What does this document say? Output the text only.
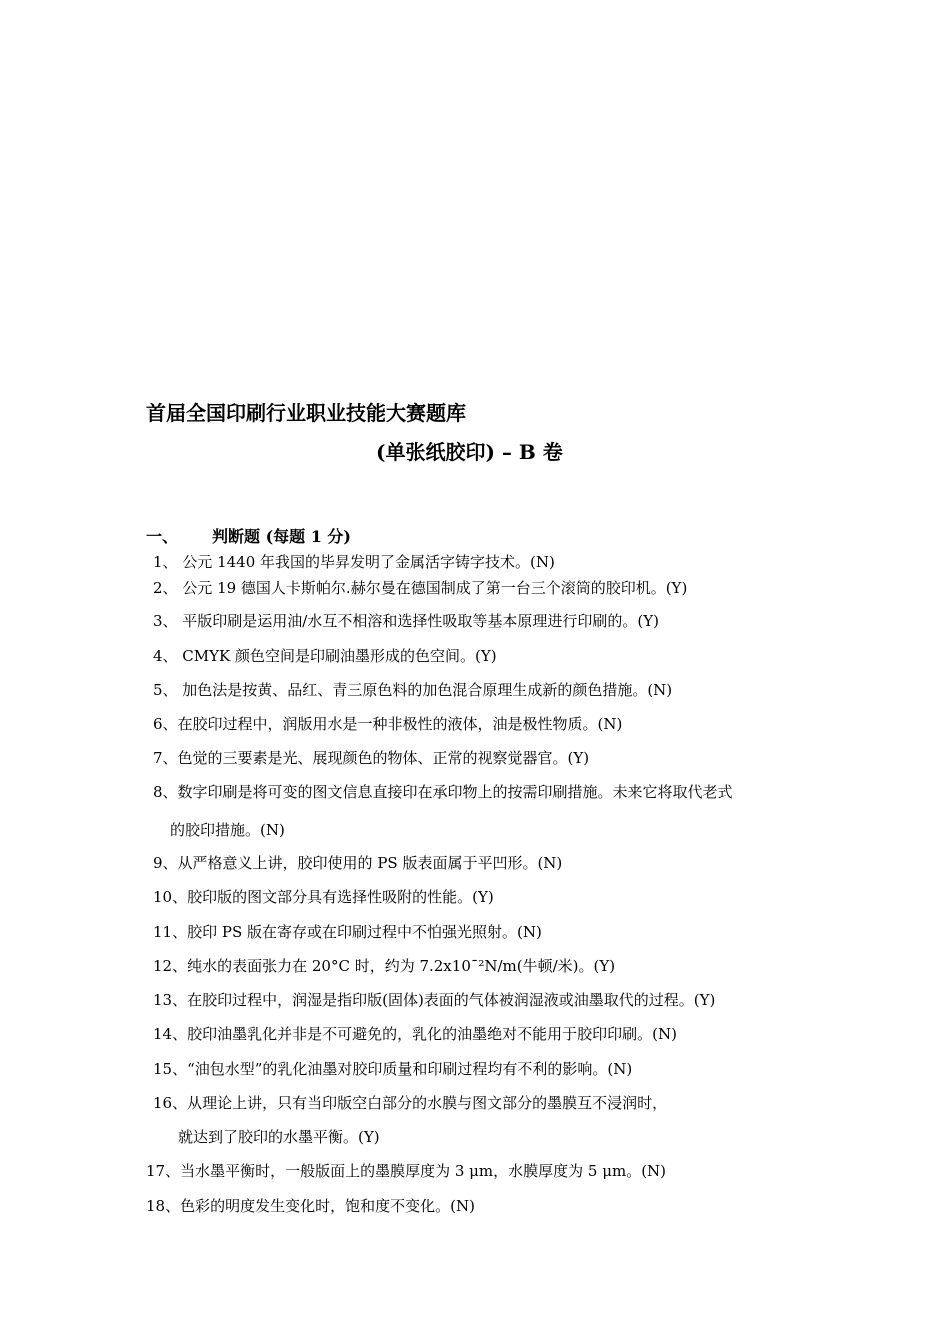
首届全国印刷行业职业技能大赛题库
(单张纸胶印) – B 卷
一、 判断题 (每题 1 分)
1、 公元 1440 年我国的毕昇发明了金属活字铸字技术。(N)
2、 公元 19 德国人卡斯帕尔.赫尔曼在德国制成了第一台三个滚筒的胶印机。(Y)
3、 平版印刷是运用油/水互不相溶和选择性吸取等基本原理进行印刷的。(Y)
4、 CMYK 颜色空间是印刷油墨形成的色空间。(Y)
5、 加色法是按黄、品红、青三原色料的加色混合原理生成新的颜色措施。(N)
6、在胶印过程中，润版用水是一种非极性的液体，油是极性物质。(N)
7、色觉的三要素是光、展现颜色的物体、正常的视察觉器官。(Y)
8、数字印刷是将可变的图文信息直接印在承印物上的按需印刷措施。未来它将取代老式
的胶印措施。(N)
9、从严格意义上讲，胶印使用的 PS 版表面属于平凹形。(N)
10、胶印版的图文部分具有选择性吸附的性能。(Y)
11、胶印 PS 版在寄存或在印刷过程中不怕强光照射。(N)
12、纯水的表面张力在 20°C 时，约为 7.2x10¯²N/m(牛顿/米)。(Y)
13、在胶印过程中，润湿是指印版(固体)表面的气体被润湿液或油墨取代的过程。(Y)
14、胶印油墨乳化并非是不可避免的，乳化的油墨绝对不能用于胶印印刷。(N)
15、“油包水型”的乳化油墨对胶印质量和印刷过程均有不利的影响。(N)
16、从理论上讲，只有当印版空白部分的水膜与图文部分的墨膜互不浸润时，
就达到了胶印的水墨平衡。(Y)
17、当水墨平衡时，一般版面上的墨膜厚度为 3 μm，水膜厚度为 5 μm。(N)
18、色彩的明度发生变化时，饱和度不变化。(N)
